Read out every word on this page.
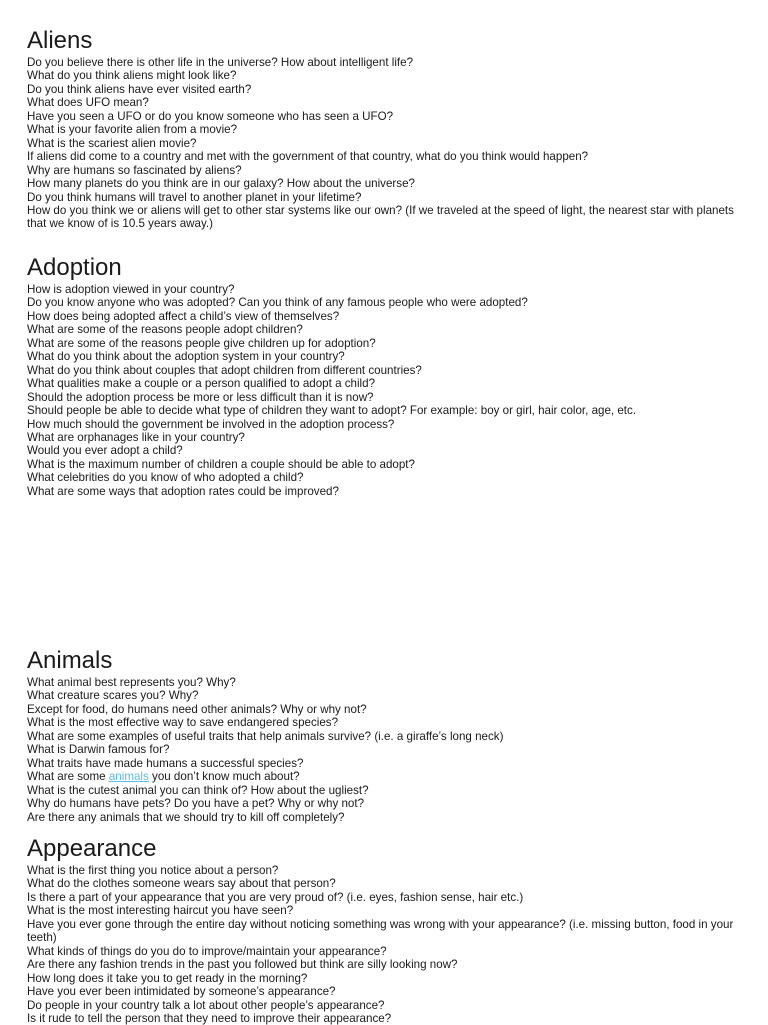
Aliens
Do you believe there is other life in the universe? How about intelligent life?
What do you think aliens might look like?
Do you think aliens have ever visited earth?
What does UFO mean?
Have you seen a UFO or do you know someone who has seen a UFO?
What is your favorite alien from a movie?
What is the scariest alien movie?
If aliens did come to a country and met with the government of that country, what do you think would happen?
Why are humans so fascinated by aliens?
How many planets do you think are in our galaxy? How about the universe?
Do you think humans will travel to another planet in your lifetime?
How do you think we or aliens will get to other star systems like our own? (If we traveled at the speed of light, the nearest star with planets that we know of is 10.5 years away.)
Adoption
How is adoption viewed in your country?
Do you know anyone who was adopted? Can you think of any famous people who were adopted?
How does being adopted affect a child’s view of themselves?
What are some of the reasons people adopt children?
What are some of the reasons people give children up for adoption?
What do you think about the adoption system in your country?
What do you think about couples that adopt children from different countries?
What qualities make a couple or a person qualified to adopt a child?
Should the adoption process be more or less difficult than it is now?
Should people be able to decide what type of children they want to adopt? For example: boy or girl, hair color, age, etc.
How much should the government be involved in the adoption process?
What are orphanages like in your country?
Would you ever adopt a child?
What is the maximum number of children a couple should be able to adopt?
What celebrities do you know of who adopted a child?
What are some ways that adoption rates could be improved?
Animals
What animal best represents you? Why?
What creature scares you? Why?
Except for food, do humans need other animals? Why or why not?
What is the most effective way to save endangered species?
What are some examples of useful traits that help animals survive? (i.e. a giraffe’s long neck)
What is Darwin famous for?
What traits have made humans a successful species?
What are some animals you don’t know much about?
What is the cutest animal you can think of? How about the ugliest?
Why do humans have pets? Do you have a pet? Why or why not?
Are there any animals that we should try to kill off completely?
Appearance
What is the first thing you notice about a person?
What do the clothes someone wears say about that person?
Is there a part of your appearance that you are very proud of? (i.e. eyes, fashion sense, hair etc.)
What is the most interesting haircut you have seen?
Have you ever gone through the entire day without noticing something was wrong with your appearance? (i.e. missing button, food in your teeth)
What kinds of things do you do to improve/maintain your appearance?
Are there any fashion trends in the past you followed but think are silly looking now?
How long does it take you to get ready in the morning?
Have you ever been intimidated by someone’s appearance?
Do people in your country talk a lot about other people’s appearance?
Is it rude to tell the person that they need to improve their appearance?
